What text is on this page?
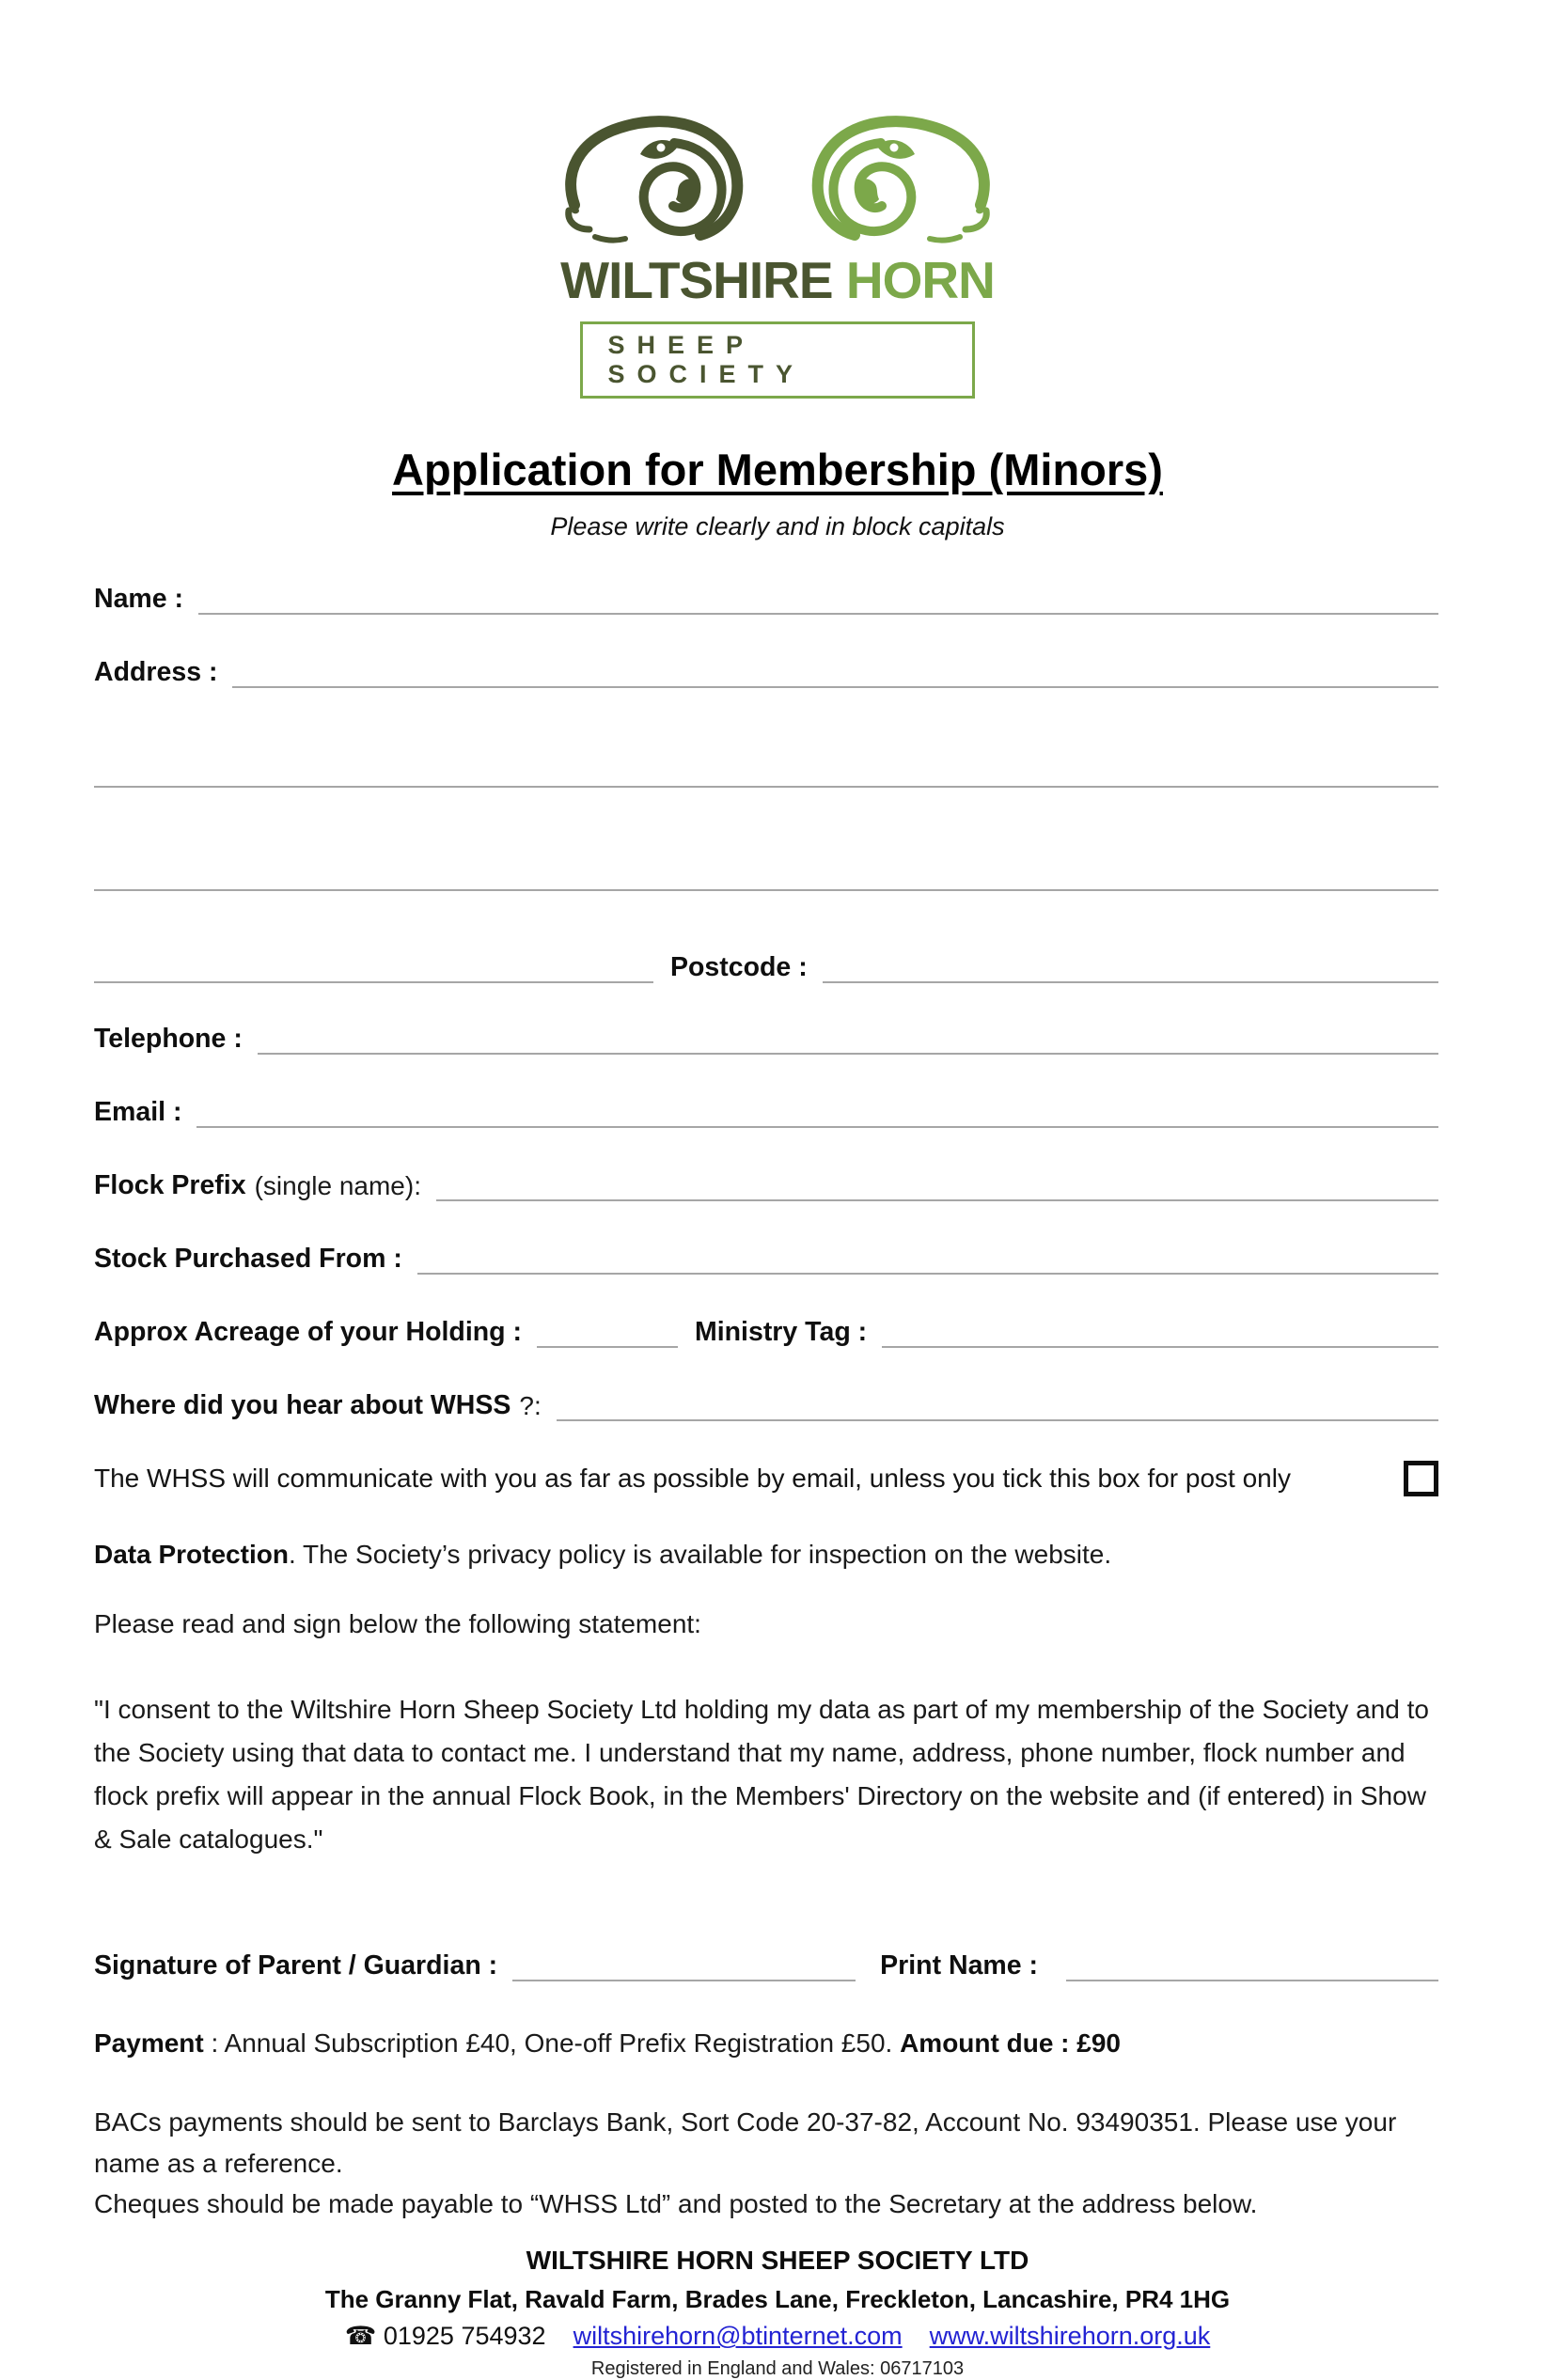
WILTSHIRE HORN
SHEEP SOCIETY
Application for Membership (Minors)

Please write clearly and in block capitals

Name :
Address :
Postcode :
Telephone :
Email :
Flock Prefix (single name):
Stock Purchased From :
Approx Acreage of your Holding :	Ministry Tag :
Where did you hear about WHSS ?:
The WHSS will communicate with you as far as possible by email, unless you tick this box for post only

Data Protection. The Society’s privacy policy is available for inspection on the website.

Please read and sign below the following statement:

"I consent to the Wiltshire Horn Sheep Society Ltd holding my data as part of my membership of the Society and to the Society using that data to contact me. I understand that my name, address, phone number, flock number and flock prefix will appear in the annual Flock Book, in the Members' Directory on the website and (if entered) in Show & Sale catalogues."

Signature of Parent / Guardian :	Print Name :

Payment : Annual Subscription £40, One-off Prefix Registration £50. Amount due : £90

BACs payments should be sent to Barclays Bank, Sort Code 20-37-82, Account No. 93490351. Please use your name as a reference.

Cheques should be made payable to “WHSS Ltd” and posted to the Secretary at the address below.

WILTSHIRE HORN SHEEP SOCIETY LTD
The Granny Flat, Ravald Farm, Brades Lane, Freckleton, Lancashire, PR4 1HG
☎ 01925 754932 wiltshirehorn@btinternet.com www.wiltshirehorn.org.uk
Registered in England and Wales: 06717103
